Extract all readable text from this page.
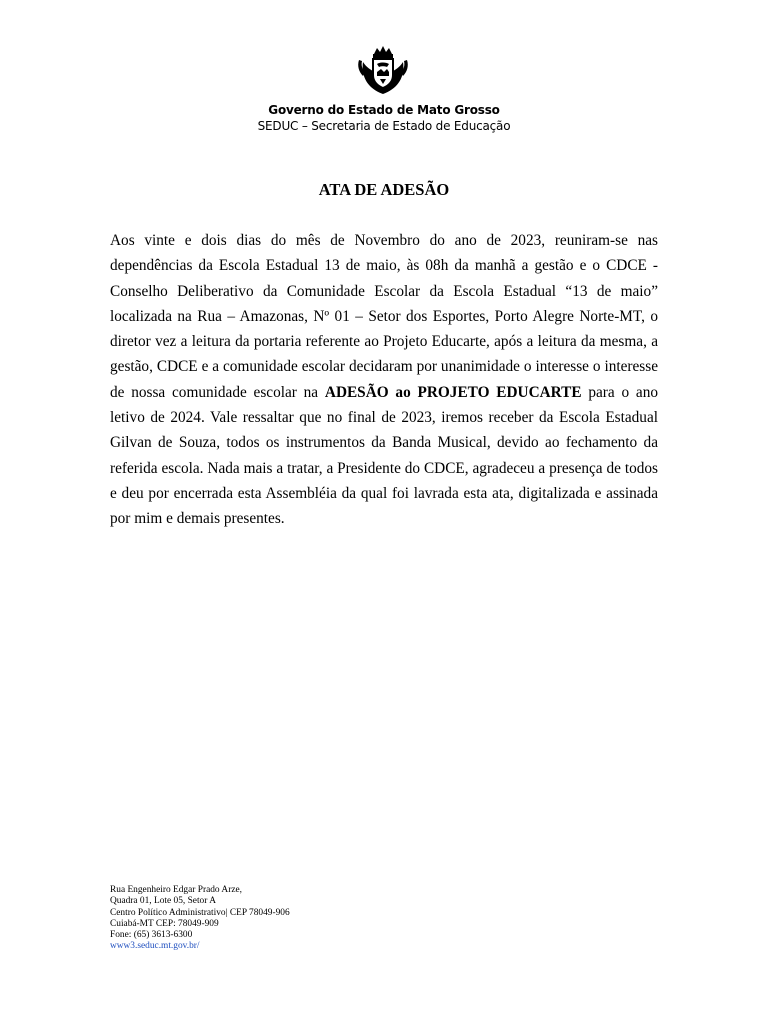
Governo do Estado de Mato Grosso
SEDUC – Secretaria de Estado de Educação
ATA DE ADESÃO

Aos vinte e dois dias do mês de Novembro do ano de 2023, reuniram-se nas dependências da Escola Estadual 13 de maio, às 08h da manhã a gestão e o CDCE - Conselho Deliberativo da Comunidade Escolar da Escola Estadual “13 de maio” localizada na Rua – Amazonas, Nº 01 – Setor dos Esportes, Porto Alegre Norte-MT, o diretor vez a leitura da portaria referente ao Projeto Educarte, após a leitura da mesma, a gestão, CDCE e a comunidade escolar decidaram por unanimidade o interesse o interesse de nossa comunidade escolar na ADESÃO ao PROJETO EDUCARTE para o ano letivo de 2024. Vale ressaltar que no final de 2023, iremos receber da Escola Estadual Gilvan de Souza, todos os instrumentos da Banda Musical, devido ao fechamento da referida escola. Nada mais a tratar, a Presidente do CDCE, agradeceu a presença de todos e deu por encerrada esta Assembléia da qual foi lavrada esta ata, digitalizada e assinada por mim e demais presentes.

Rua Engenheiro Edgar Prado Arze,
Quadra 01, Lote 05, Setor A
Centro Político Administrativo| CEP 78049-906
Cuiabá-MT CEP: 78049-909
Fone: (65) 3613-6300
www3.seduc.mt.gov.br/
